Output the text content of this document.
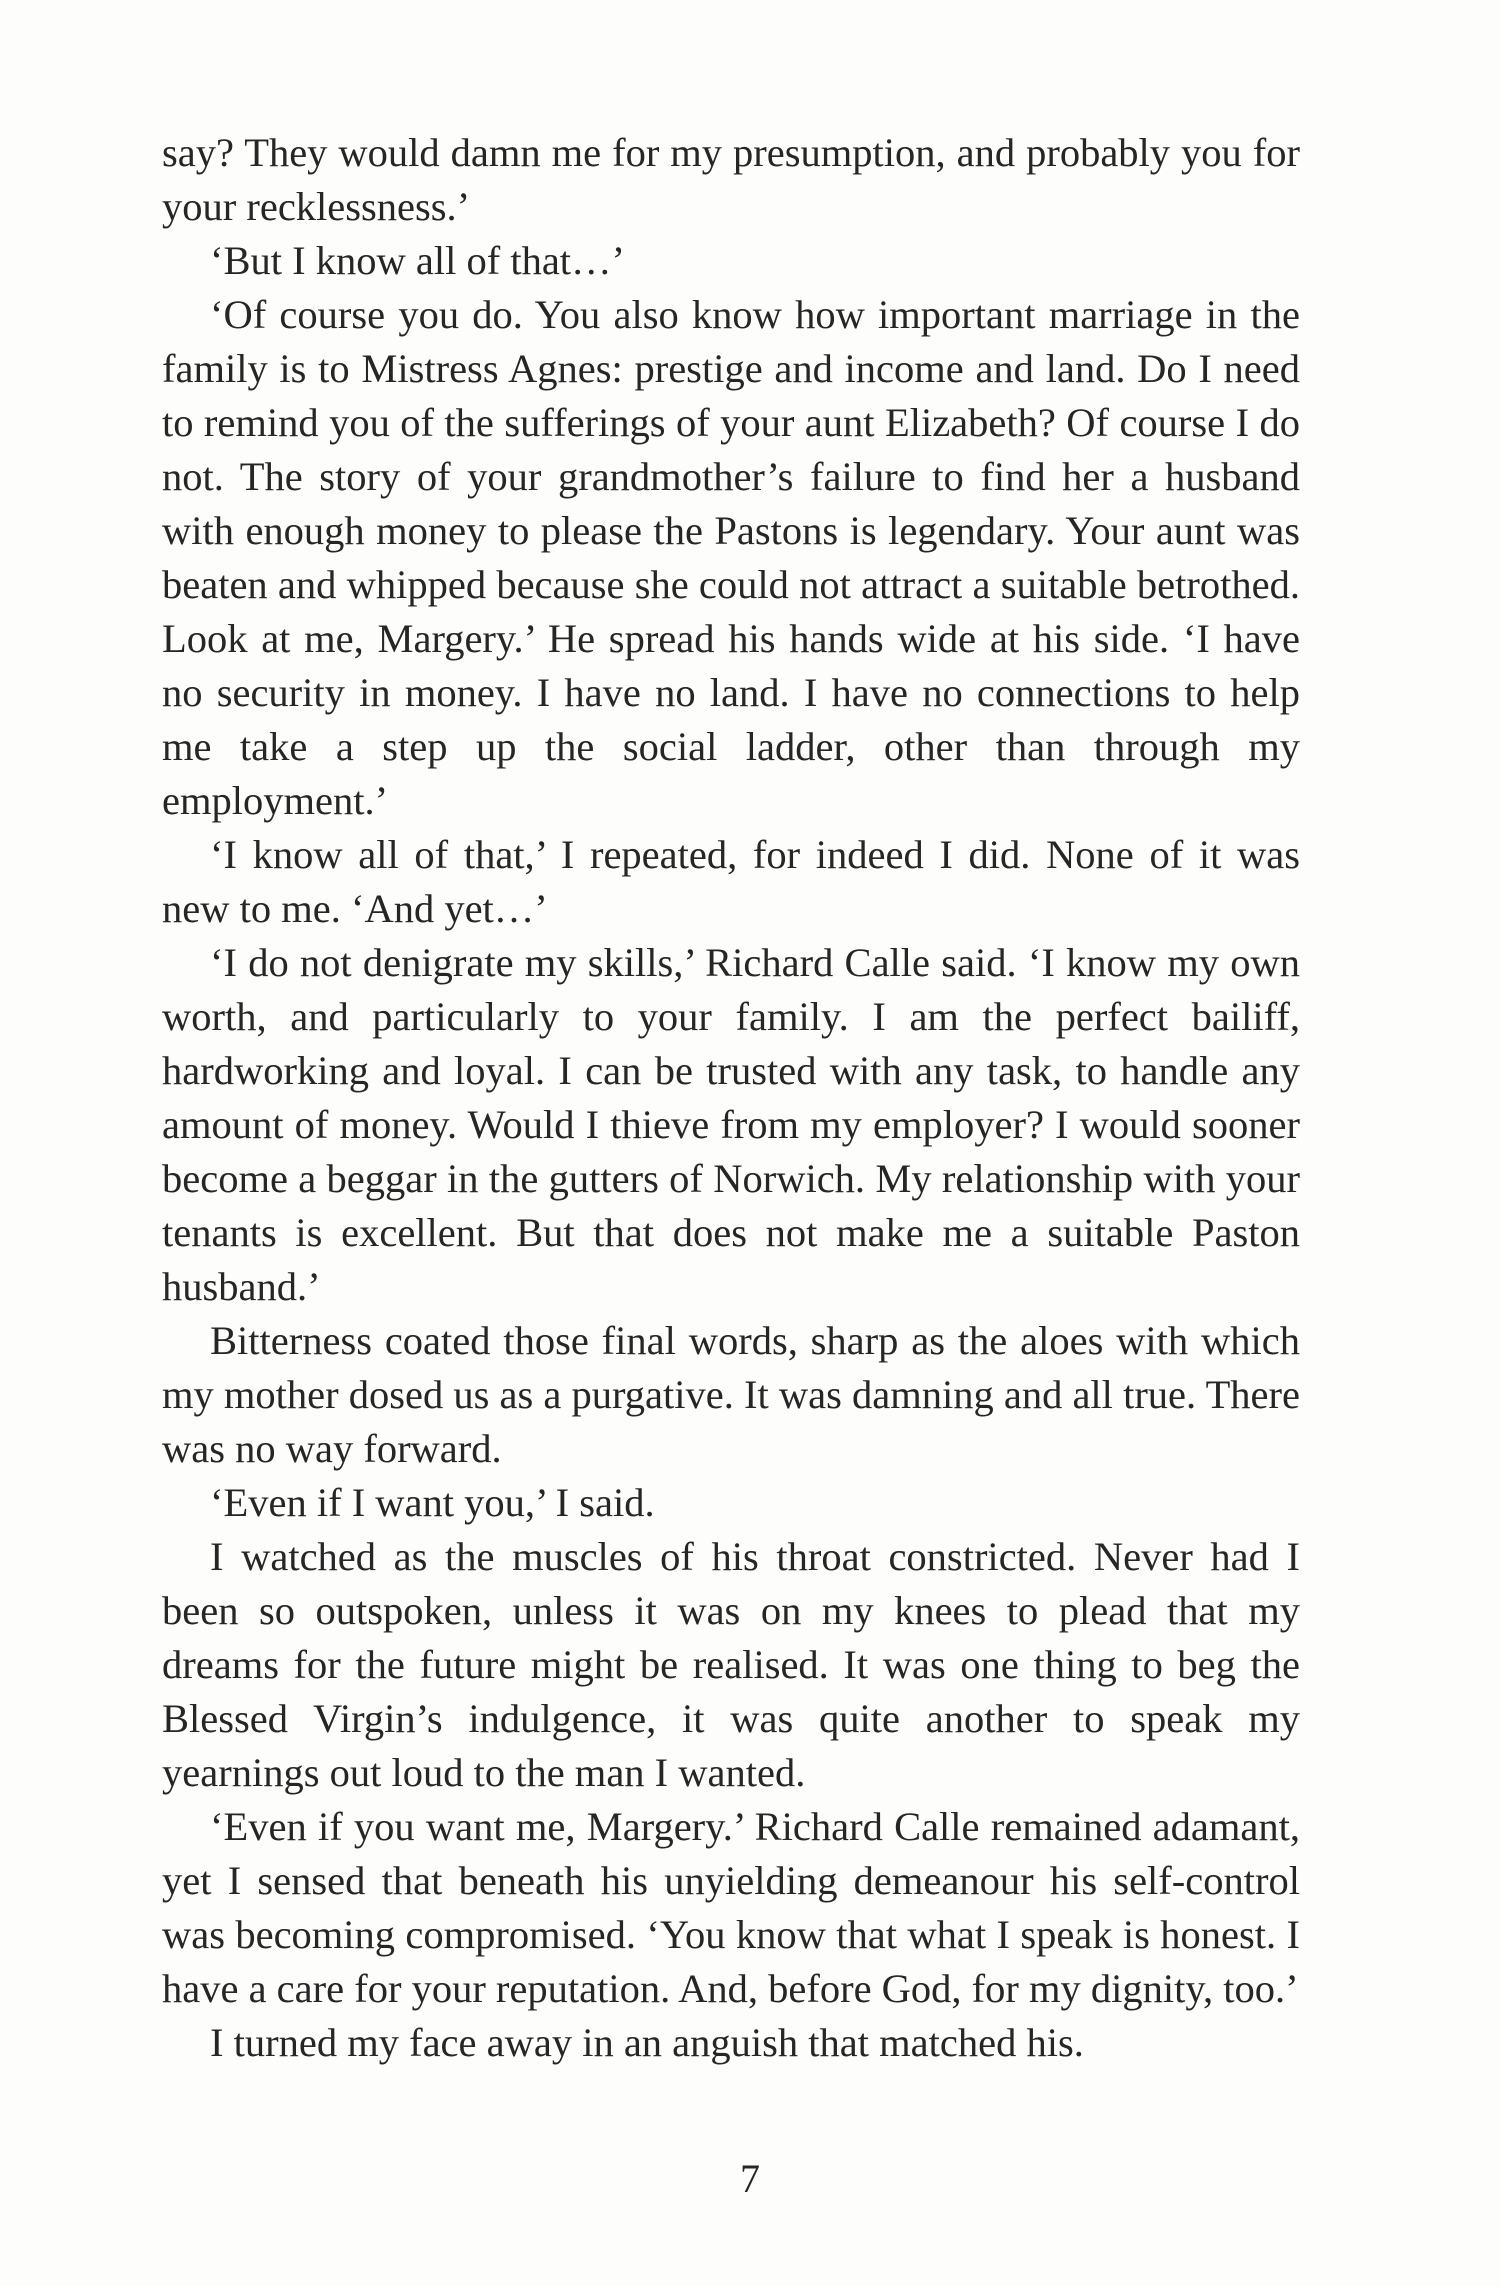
say? They would damn me for my presumption, and probably you for your recklessness.’

‘But I know all of that…’

‘Of course you do. You also know how important marriage in the family is to Mistress Agnes: prestige and income and land. Do I need to remind you of the sufferings of your aunt Elizabeth? Of course I do not. The story of your grandmother’s failure to find her a husband with enough money to please the Pastons is legendary. Your aunt was beaten and whipped because she could not attract a suitable betrothed. Look at me, Margery.’ He spread his hands wide at his side. ‘I have no security in money. I have no land. I have no connections to help me take a step up the social ladder, other than through my employment.’

‘I know all of that,’ I repeated, for indeed I did. None of it was new to me. ‘And yet…’

‘I do not denigrate my skills,’ Richard Calle said. ‘I know my own worth, and particularly to your family. I am the perfect bailiff, hardworking and loyal. I can be trusted with any task, to handle any amount of money. Would I thieve from my employer? I would sooner become a beggar in the gutters of Norwich. My relationship with your tenants is excellent. But that does not make me a suitable Paston husband.’

Bitterness coated those final words, sharp as the aloes with which my mother dosed us as a purgative. It was damning and all true. There was no way forward.

‘Even if I want you,’ I said.

I watched as the muscles of his throat constricted. Never had I been so outspoken, unless it was on my knees to plead that my dreams for the future might be realised. It was one thing to beg the Blessed Virgin’s indulgence, it was quite another to speak my yearnings out loud to the man I wanted.

‘Even if you want me, Margery.’ Richard Calle remained adamant, yet I sensed that beneath his unyielding demeanour his self-control was becoming compromised. ‘You know that what I speak is honest. I have a care for your reputation. And, before God, for my dignity, too.’

I turned my face away in an anguish that matched his.

7
